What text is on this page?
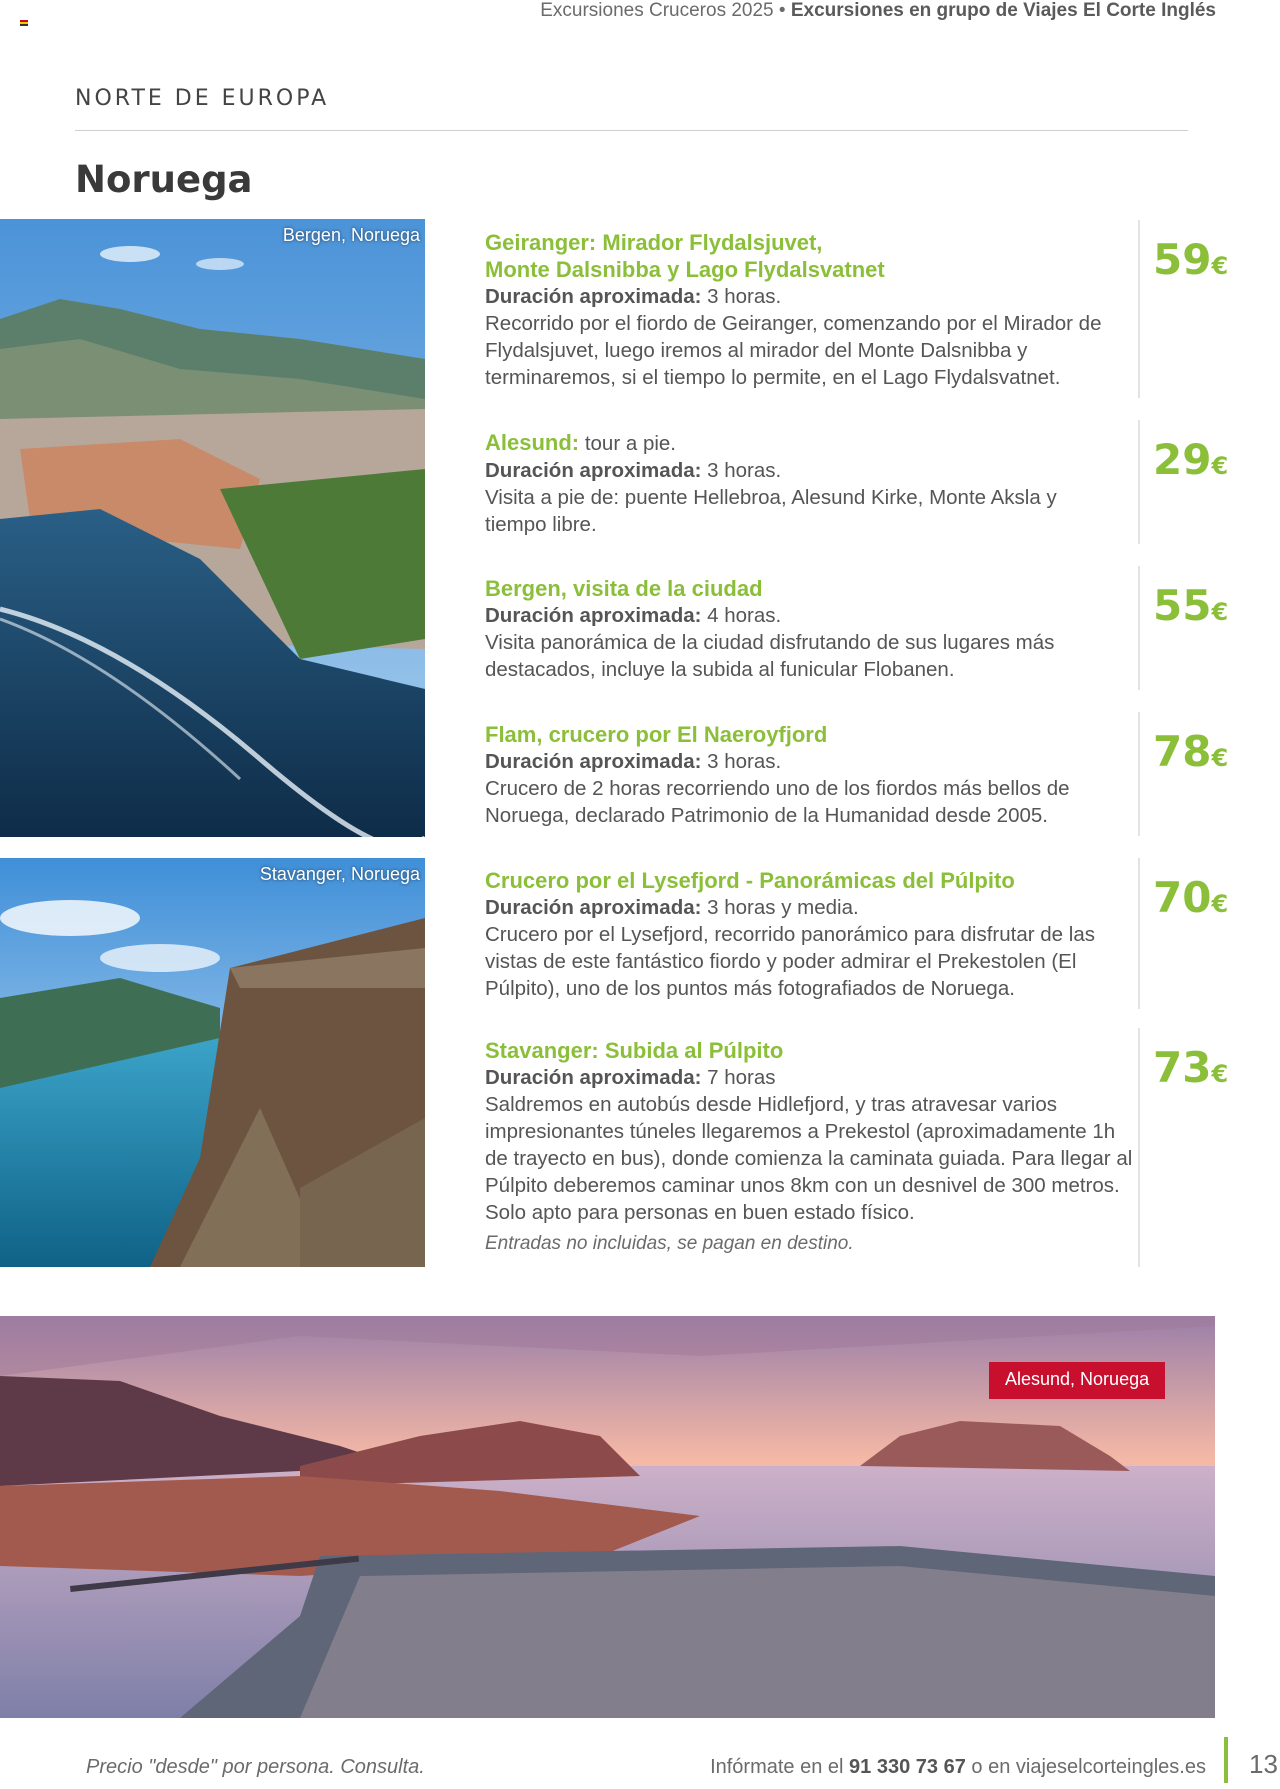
Excursiones Cruceros 2025 • Excursiones en grupo de Viajes El Corte Inglés
NORTE DE EUROPA
Noruega
Bergen, Noruega
Stavanger, Noruega
Geiranger: Mirador Flydalsjuvet,
Monte Dalsnibba y Lago Flydalsvatnet

Duración aproximada: 3 horas.

Recorrido por el fiordo de Geiranger, comenzando por el Mirador de Flydalsjuvet, luego iremos al mirador del Monte Dalsnibba y terminaremos, si el tiempo lo permite, en el Lago Flydalsvatnet.

59€

Alesund: tour a pie.

Duración aproximada: 3 horas.

Visita a pie de: puente Hellebroa, Alesund Kirke, Monte Aksla y tiempo libre.

29€
Bergen, visita de la ciudad

Duración aproximada: 4 horas.

Visita panorámica de la ciudad disfrutando de sus lugares más destacados, incluye la subida al funicular Flobanen.

55€
Flam, crucero por El Naeroyfjord

Duración aproximada: 3 horas.

Crucero de 2 horas recorriendo uno de los fiordos más bellos de Noruega, declarado Patrimonio de la Humanidad desde 2005.

78€
Crucero por el Lysefjord - Panorámicas del Púlpito

Duración aproximada: 3 horas y media.

Crucero por el Lysefjord, recorrido panorámico para disfrutar de las vistas de este fantástico fiordo y poder admirar el Prekestolen (El Púlpito), uno de los puntos más fotografiados de Noruega.

70€
Stavanger: Subida al Púlpito

Duración aproximada: 7 horas

Saldremos en autobús desde Hidlefjord, y tras atravesar varios impresionantes túneles llegaremos a Prekestol (aproximadamente 1h de trayecto en bus), donde comienza la caminata guiada. Para llegar al Púlpito deberemos caminar unos 8km con un desnivel de 300 metros. Solo apto para personas en buen estado físico.

Entradas no incluidas, se pagan en destino.
73€
Alesund, Noruega
Precio "desde" por persona. Consulta.	Infórmate en el 91 330 73 67 o en viajeselcorteingles.es 13
